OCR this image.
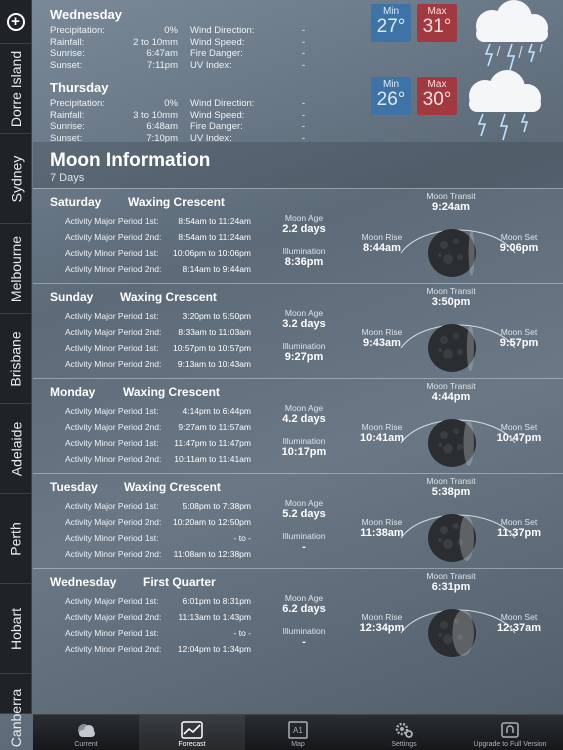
+
Dorre Island
Sydney
Melbourne
Brisbane
Adelaide
Perth
Hobart
Canberra
Wednesday
Precipitation:	0% Wind Direction:	-
Rainfall:	2 to 10mm Wind Speed:	-
Sunrise:	6:47am Fire Danger:	-
Sunset:	7:11pm UV Index:	-
Min
27°
Max
31°
Thursday
Precipitation:	0% Wind Direction:	-
Rainfall:	3 to 10mm Wind Speed:	-
Sunrise:	6:48am Fire Danger:	-
Sunset:	7:10pm UV Index:	-
Min
26°
Max
30°
Moon Information
7 Days
Saturday Waxing Crescent
Activity Major Period 1st: 8:54am to 11:24am
Activity Major Period 2nd: 8:54am to 11:24am
Activity Minor Period 1st: 10:06pm to 10:06pm
Activity Minor Period 2nd: 8:14am to 9:44am
Moon Age
2.2 days
Illumination
8:36pm
Moon Transit
9:24am
Moon Rise
8:44am
Moon Set
9:06pm
Sunday Waxing Crescent
Activity Major Period 1st:	3:20pm to 5:50pm
Activity Major Period 2nd: 8:33am to 11:03am
Activity Minor Period 1st: 10:57pm to 10:57pm
Activity Minor Period 2nd: 9:13am to 10:43am
Moon Age
3.2 days
Illumination
9:27pm
Moon Transit
3:50pm
Moon Rise
9:43am
Moon Set
9:57pm
Monday Waxing Crescent
Activity Major Period 1st:	4:14pm to 6:44pm
Activity Major Period 2nd: 9:27am to 11:57am
Activity Minor Period 1st: 11:47pm to 11:47pm
Activity Minor Period 2nd: 10:11am to 11:41am
Moon Age
4.2 days
Illumination
10:17pm
Moon Transit
4:44pm
Moon Rise
10:41am
Moon Set
10:47pm
Tuesday Waxing Crescent
Activity Major Period 1st:	5:08pm to 7:38pm
Activity Major Period 2nd: 10:20am to 12:50pm
Activity Minor Period 1st:	- to -
Activity Minor Period 2nd: 11:08am to 12:38pm
Moon Age
5.2 days
Illumination
-
Moon Transit
5:38pm
Moon Rise
11:38am
Moon Set
11:37pm
Wednesday First Quarter
Activity Major Period 1st:	6:01pm to 8:31pm
Activity Major Period 2nd: 11:13am to 1:43pm
Activity Minor Period 1st:	- to -
Activity Minor Period 2nd: 12:04pm to 1:34pm
Moon Age
6.2 days
Illumination
-
Moon Transit
6:31pm
Moon Rise
12:34pm
Moon Set
12:37am
Current	Forecast
A1
Map	Settings	Upgrade to Full Version
